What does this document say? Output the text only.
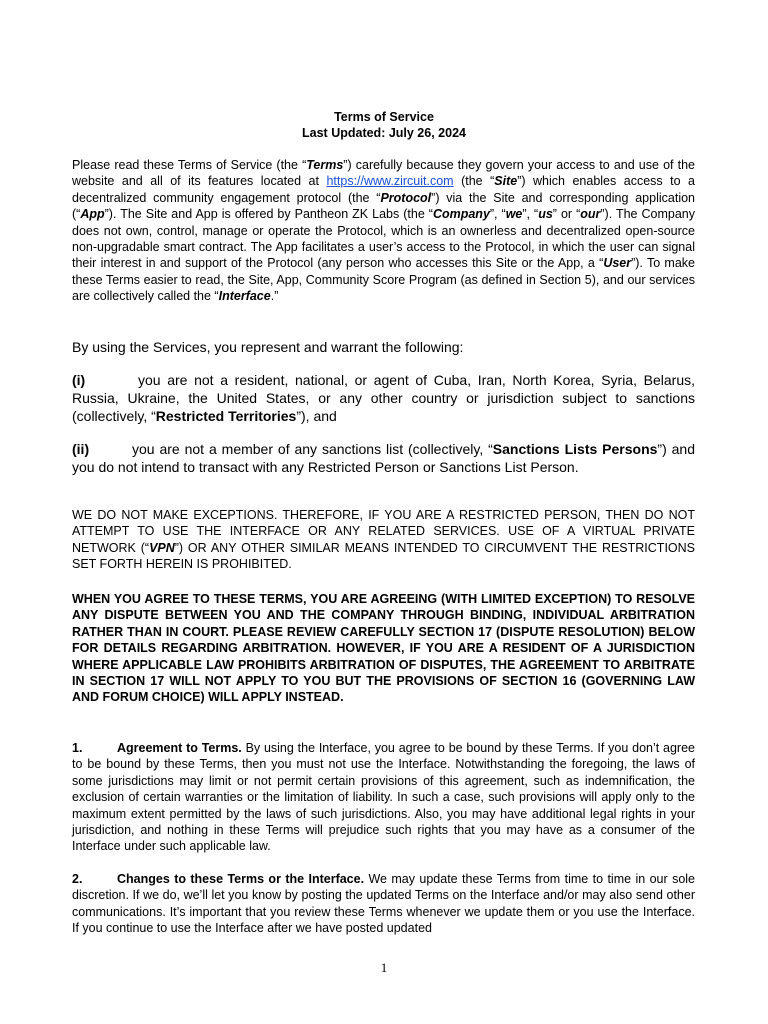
Terms of Service
Last Updated: July 26, 2024

Please read these Terms of Service (the “Terms”) carefully because they govern your access to and use of the website and all of its features located at https://www.zircuit.com (the “Site”) which enables access to a decentralized community engagement protocol (the “Protocol”) via the Site and corresponding application (“App”). The Site and App is offered by Pantheon ZK Labs (the “Company”, “we”, “us” or “our”). The Company does not own, control, manage or operate the Protocol, which is an ownerless and decentralized open-source non-upgradable smart contract. The App facilitates a user’s access to the Protocol, in which the user can signal their interest in and support of the Protocol (any person who accesses this Site or the App, a “User”). To make these Terms easier to read, the Site, App, Community Score Program (as defined in Section 5), and our services are collectively called the “Interface.”

By using the Services, you represent and warrant the following:

(i)	you are not a resident, national, or agent of Cuba, Iran, North Korea, Syria, Belarus, Russia, Ukraine, the United States, or any other country or jurisdiction subject to sanctions (collectively, “Restricted Territories”), and

(ii)	you are not a member of any sanctions list (collectively, “Sanctions Lists Persons”) and you do not intend to transact with any Restricted Person or Sanctions List Person.

WE DO NOT MAKE EXCEPTIONS. THEREFORE, IF YOU ARE A RESTRICTED PERSON, THEN DO NOT ATTEMPT TO USE THE INTERFACE OR ANY RELATED SERVICES. USE OF A VIRTUAL PRIVATE NETWORK (“VPN”) OR ANY OTHER SIMILAR MEANS INTENDED TO CIRCUMVENT THE RESTRICTIONS SET FORTH HEREIN IS PROHIBITED.

WHEN YOU AGREE TO THESE TERMS, YOU ARE AGREEING (WITH LIMITED EXCEPTION) TO RESOLVE ANY DISPUTE BETWEEN YOU AND THE COMPANY THROUGH BINDING, INDIVIDUAL ARBITRATION RATHER THAN IN COURT. PLEASE REVIEW CAREFULLY SECTION 17 (DISPUTE RESOLUTION) BELOW FOR DETAILS REGARDING ARBITRATION. HOWEVER, IF YOU ARE A RESIDENT OF A JURISDICTION WHERE APPLICABLE LAW PROHIBITS ARBITRATION OF DISPUTES, THE AGREEMENT TO ARBITRATE IN SECTION 17 WILL NOT APPLY TO YOU BUT THE PROVISIONS OF SECTION 16 (GOVERNING LAW AND FORUM CHOICE) WILL APPLY INSTEAD.

1.	Agreement to Terms. By using the Interface, you agree to be bound by these Terms. If you don’t agree to be bound by these Terms, then you must not use the Interface. Notwithstanding the foregoing, the laws of some jurisdictions may limit or not permit certain provisions of this agreement, such as indemnification, the exclusion of certain warranties or the limitation of liability. In such a case, such provisions will apply only to the maximum extent permitted by the laws of such jurisdictions. Also, you may have additional legal rights in your jurisdiction, and nothing in these Terms will prejudice such rights that you may have as a consumer of the Interface under such applicable law.

2.	Changes to these Terms or the Interface. We may update these Terms from time to time in our sole discretion. If we do, we’ll let you know by posting the updated Terms on the Interface and/or may also send other communications. It’s important that you review these Terms whenever we update them or you use the Interface. If you continue to use the Interface after we have posted updated

1
